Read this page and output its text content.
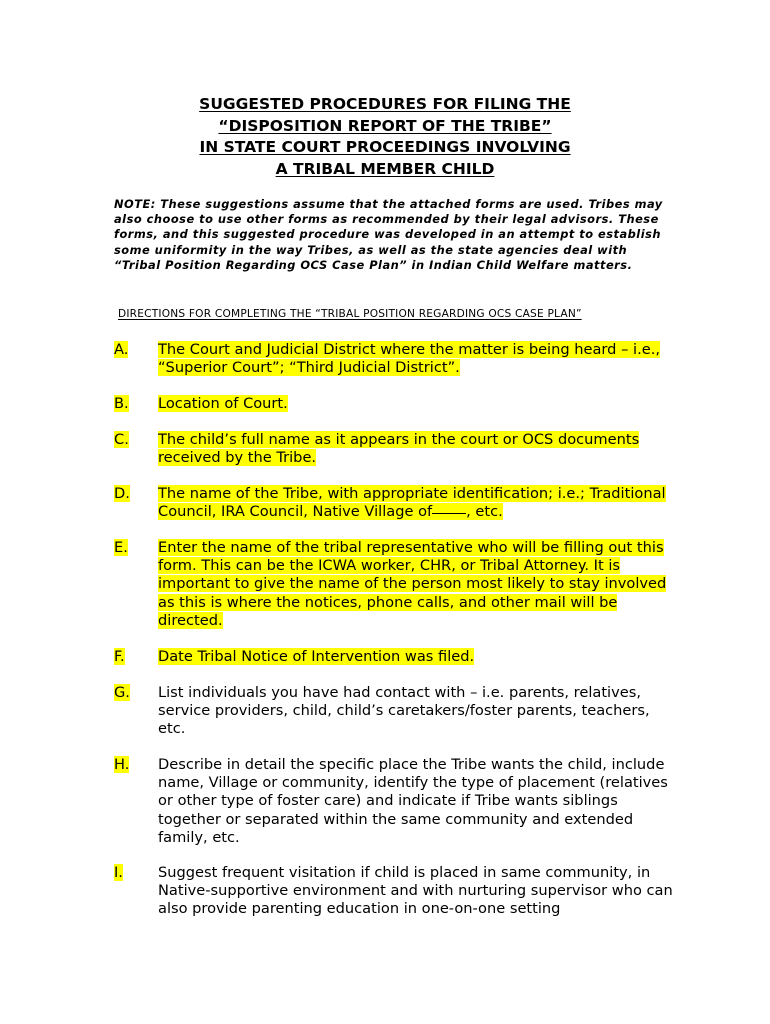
SUGGESTED PROCEDURES FOR FILING THE
“DISPOSITION REPORT OF THE TRIBE”
IN STATE COURT PROCEEDINGS INVOLVING
A TRIBAL MEMBER CHILD
NOTE: These suggestions assume that the attached forms are used. Tribes may also choose to use other forms as recommended by their legal advisors. These forms, and this suggested procedure was developed in an attempt to establish some uniformity in the way Tribes, as well as the state agencies deal with “Tribal Position Regarding OCS Case Plan” in Indian Child Welfare matters.
DIRECTIONS FOR COMPLETING THE “TRIBAL POSITION REGARDING OCS CASE PLAN”
A.	The Court and Judicial District where the matter is being heard – i.e., “Superior Court”; “Third Judicial District”.
B.	Location of Court.
C.	The child’s full name as it appears in the court or OCS documents received by the Tribe.
D.	The name of the Tribe, with appropriate identification; i.e.; Traditional Council, IRA Council, Native Village of , etc.
E.	Enter the name of the tribal representative who will be filling out this form. This can be the ICWA worker, CHR, or Tribal Attorney. It is important to give the name of the person most likely to stay involved as this is where the notices, phone calls, and other mail will be directed.
F.	Date Tribal Notice of Intervention was filed.
G.	List individuals you have had contact with – i.e. parents, relatives, service providers, child, child’s caretakers/foster parents, teachers, etc.
H.	Describe in detail the specific place the Tribe wants the child, include name, Village or community, identify the type of placement (relatives or other type of foster care) and indicate if Tribe wants siblings together or separated within the same community and extended family, etc.
I.	Suggest frequent visitation if child is placed in same community, in Native-supportive environment and with nurturing supervisor who can also provide parenting education in one-on-one setting
